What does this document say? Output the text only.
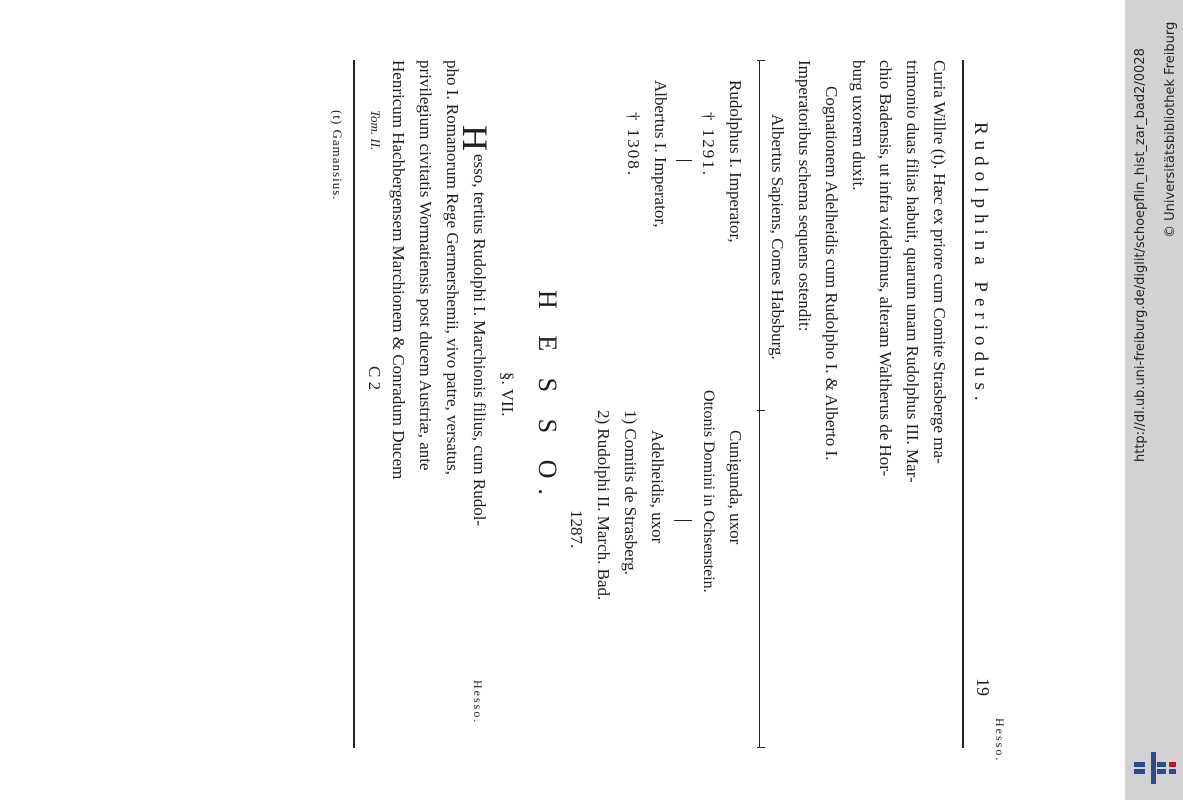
Rudolphina Periodus.
19
Hesso.
Curia Willre (t). Hæc ex priore cum Comite Strasberge ma-
trimonio duas filias habuit, quarum unam Rudolphus III. Mar-
chio Badensis, ut infra videbimus, alteram Waltherus de Hor-
burg uxorem duxit.
Cognationem Adelheidis cum Rudolpho I. & Alberto I.
Imperatoribus schema sequens ostendit:
Albertus Sapiens, Comes Habsburg.
Rudolphus I. Imperator,
† 1291.
Albertus I. Imperator,
† 1308.
Cunigunda, uxor
Ottonis Domini in Ochsenstein.
Adelheidis, uxor
1) Comitis de Strasberg.
2) Rudolphi II. March. Bad.
1287.
H E S S O.
§. VII.
H
esso, tertius Rudolphi I. Marchionis filius, cum Rudol-
Hesso.
pho I. Romanorum Rege Germershemii, vivo patre, versatus,
privilegium civitatis Wormatiensis post ducem Austriæ, ante
Henricum Hachbergensem Marchionem & Conradum Ducem
Tom. II.
C 2
(t) Gamansius.	http://dl.ub.uni-freiburg.de/diglit/schoepflin_hist_zar_bad2/0028 © Universitätsbibliothek Freiburg
